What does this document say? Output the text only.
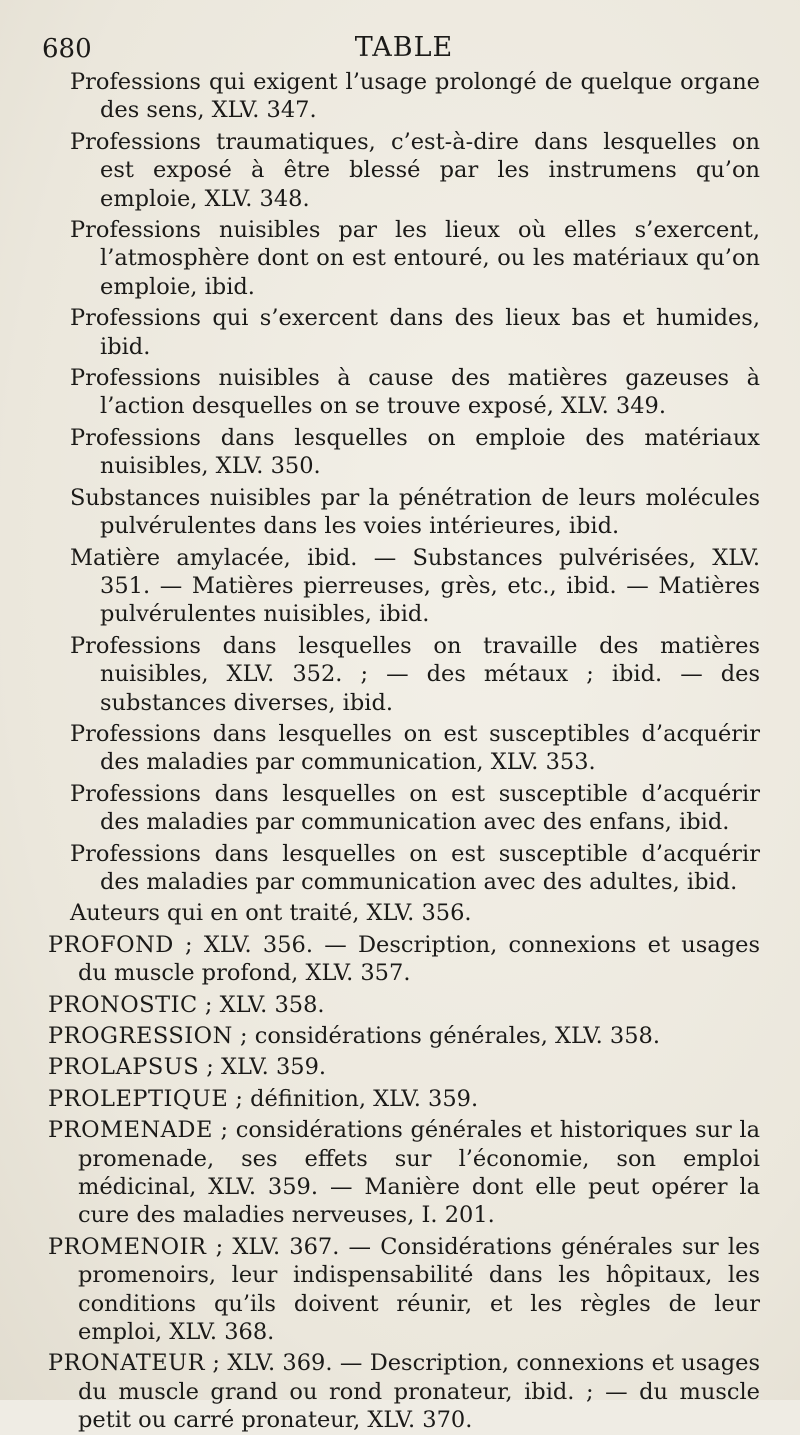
680	TABLE

Professions qui exigent l’usage prolongé de quelque organe des sens, XLV. 347.

Professions traumatiques, c’est-à-dire dans lesquelles on est exposé à être blessé par les instrumens qu’on emploie, XLV. 348.

Professions nuisibles par les lieux où elles s’exercent, l’atmosphère dont on est entouré, ou les matériaux qu’on emploie, ibid.

Professions qui s’exercent dans des lieux bas et humides, ibid.

Professions nuisibles à cause des matières gazeuses à l’action desquelles on se trouve exposé, XLV. 349.

Professions dans lesquelles on emploie des matériaux nuisibles, XLV. 350.

Substances nuisibles par la pénétration de leurs molécules pulvérulentes dans les voies intérieures, ibid.

Matière amylacée, ibid. — Substances pulvérisées, XLV. 351. — Matières pierreuses, grès, etc., ibid. — Matières pulvérulentes nuisibles, ibid.

Professions dans lesquelles on travaille des matières nuisibles, XLV. 352. ; — des métaux ; ibid. — des substances diverses, ibid.

Professions dans lesquelles on est susceptibles d’acquérir des maladies par communication, XLV. 353.

Professions dans lesquelles on est susceptible d’acquérir des maladies par communication avec des enfans, ibid.

Professions dans lesquelles on est susceptible d’acquérir des maladies par communication avec des adultes, ibid.

Auteurs qui en ont traité, XLV. 356.

PROFOND ; XLV. 356. — Description, connexions et usages du muscle profond, XLV. 357.

PRONOSTIC ; XLV. 358.

PROGRESSION ; considérations générales, XLV. 358.

PROLAPSUS ; XLV. 359.

PROLEPTIQUE ; définition, XLV. 359.

PROMENADE ; considérations générales et historiques sur la promenade, ses effets sur l’économie, son emploi médicinal, XLV. 359. — Manière dont elle peut opérer la cure des maladies nerveuses, I. 201.

PROMENOIR ; XLV. 367. — Considérations générales sur les promenoirs, leur indispensabilité dans les hôpitaux, les conditions qu’ils doivent réunir, et les règles de leur emploi, XLV. 368.

PRONATEUR ; XLV. 369. — Description, connexions et usages du muscle grand ou rond pronateur, ibid. ; — du muscle petit ou carré pronateur, XLV. 370.
